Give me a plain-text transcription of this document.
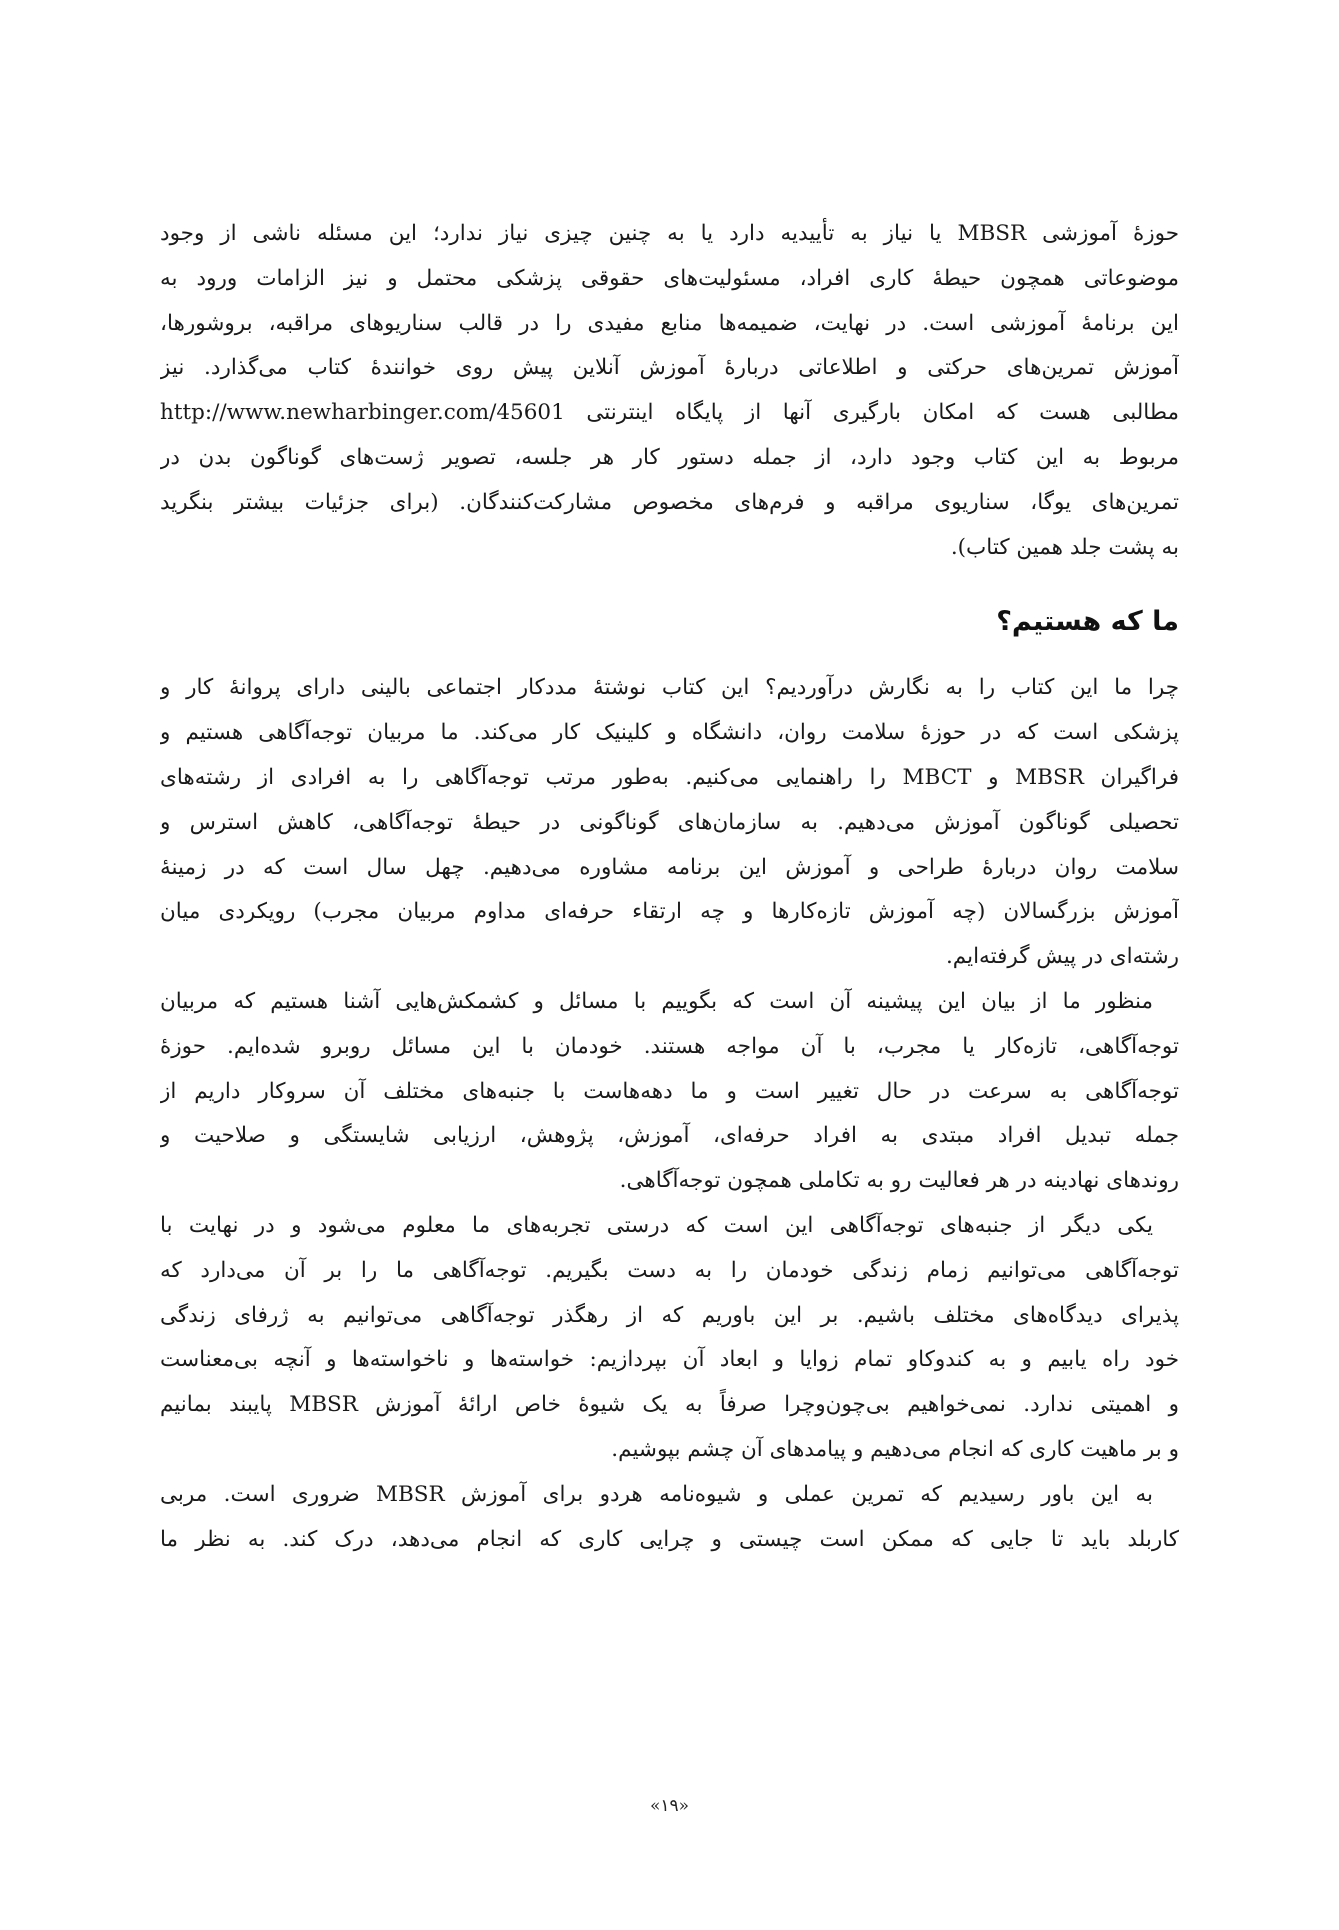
حوزهٔ آموزشی MBSR یا نیاز به تأییدیه دارد یا به چنین چیزی نیاز ندارد؛ این مسئله ناشی از وجود
موضوعاتی همچون حیطهٔ کاری افراد، مسئولیت‌های حقوقی پزشکی محتمل و نیز الزامات ورود به
این برنامهٔ آموزشی است. در نهایت، ضمیمه‌ها منابع مفیدی را در قالب سناریوهای مراقبه، بروشورها،
آموزش تمرین‌های حرکتی و اطلاعاتی دربارهٔ آموزش آنلاین پیش روی خوانندهٔ کتاب می‌گذارد. نیز
مطالبی هست که امکان بارگیری آنها از پایگاه اینترنتی http://www.newharbinger.com/45601
مربوط به این کتاب وجود دارد، از جمله دستور کار هر جلسه، تصویر ژست‌های گوناگون بدن در
تمرین‌های یوگا، سناریوی مراقبه و فرم‌های مخصوص مشارکت‌کنندگان. (برای جزئیات بیشتر بنگرید
به پشت جلد همین کتاب).
ما که هستیم؟
چرا ما این کتاب را به نگارش درآوردیم؟ این کتاب نوشتهٔ مددکار اجتماعی بالینی دارای پروانهٔ کار و
پزشکی است که در حوزهٔ سلامت روان، دانشگاه و کلینیک کار می‌کند. ما مربیان توجه‌آگاهی هستیم و
فراگیران MBSR و MBCT را راهنمایی می‌کنیم. به‌طور مرتب توجه‌آگاهی را به افرادی از رشته‌های
تحصیلی گوناگون آموزش می‌دهیم. به سازمان‌های گوناگونی در حیطهٔ توجه‌آگاهی، کاهش استرس و
سلامت روان دربارهٔ طراحی و آموزش این برنامه مشاوره می‌دهیم. چهل سال است که در زمینهٔ
آموزش بزرگسالان (چه آموزش تازه‌کارها و چه ارتقاء حرفه‌ای مداوم مربیان مجرب) رویکردی میان
رشته‌ای در پیش گرفته‌ایم.
منظور ما از بیان این پیشینه آن است که بگوییم با مسائل و کشمکش‌هایی آشنا هستیم که مربیان
توجه‌آگاهی، تازه‌کار یا مجرب، با آن مواجه هستند. خودمان با این مسائل روبرو شده‌ایم. حوزهٔ
توجه‌آگاهی به سرعت در حال تغییر است و ما دهه‌هاست با جنبه‌های مختلف آن سروکار داریم از
جمله تبدیل افراد مبتدی به افراد حرفه‌ای، آموزش، پژوهش، ارزیابی شایستگی و صلاحیت و
روندهای نهادینه در هر فعالیت رو به تکاملی همچون توجه‌آگاهی.
یکی دیگر از جنبه‌های توجه‌آگاهی این است که درستی تجربه‌های ما معلوم می‌شود و در نهایت با
توجه‌آگاهی می‌توانیم زمام زندگی خودمان را به دست بگیریم. توجه‌آگاهی ما را بر آن می‌دارد که
پذیرای دیدگاه‌های مختلف باشیم. بر این باوریم که از رهگذر توجه‌آگاهی می‌توانیم به ژرفای زندگی
خود راه یابیم و به کندوکاو تمام زوایا و ابعاد آن بپردازیم: خواسته‌ها و ناخواسته‌ها و آنچه بی‌معناست
و اهمیتی ندارد. نمی‌خواهیم بی‌چون‌وچرا صرفاً به یک شیوهٔ خاص ارائهٔ آموزش MBSR پایبند بمانیم
و بر ماهیت کاری که انجام می‌دهیم و پیامدهای آن چشم بپوشیم.
به این باور رسیدیم که تمرین عملی و شیوه‌نامه هردو برای آموزش MBSR ضروری است. مربی
کاربلد باید تا جایی که ممکن است چیستی و چرایی کاری که انجام می‌دهد، درک کند. به نظر ما
«۱۹»
